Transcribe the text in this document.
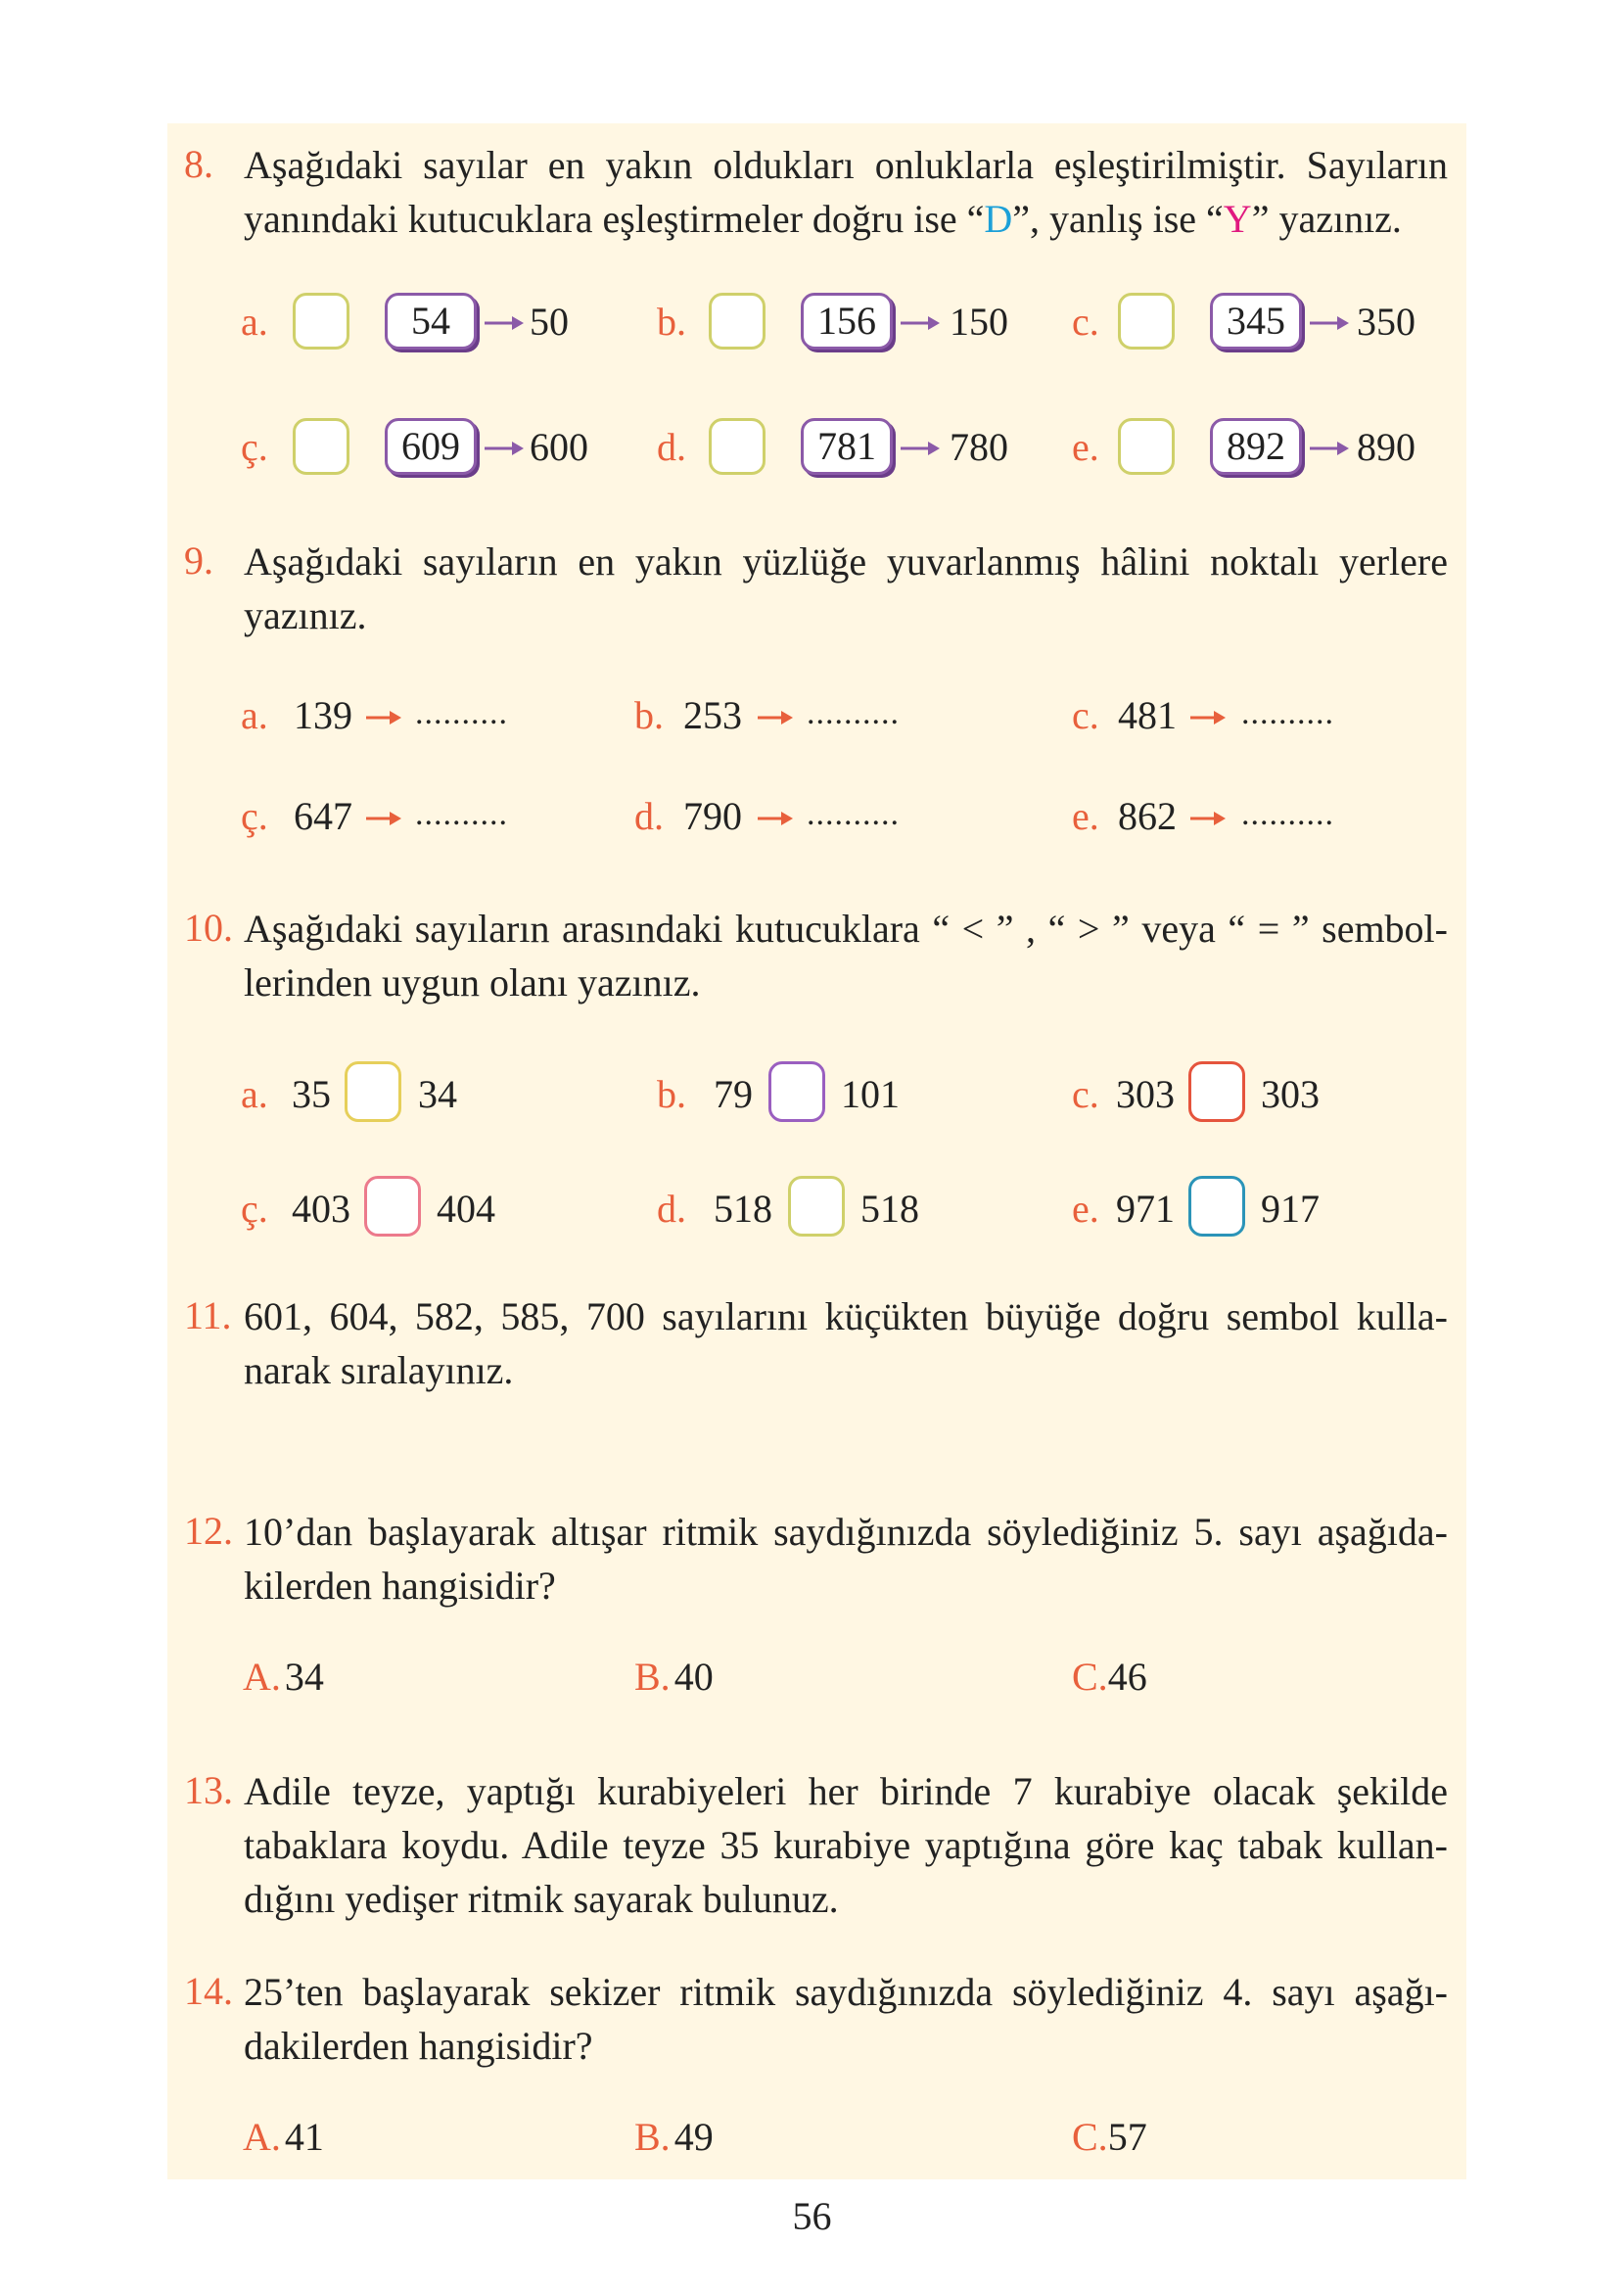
8. Aşağıdaki sayılar en yakın oldukları onluklarla eşleştirilmiştir. Sayıların
yanındaki kutucuklara eşleştirmeler doğru ise “D”, yanlış ise “Y” yazınız.
a.	54	50 b.	156	150 c.	345	350
ç.	609	600 d.	781	780 e.	892	890
9. Aşağıdaki sayıların en yakın yüzlüğe yuvarlanmış hâlini noktalı yerlere
yazınız.
a. 139 ..........	b. 253 ..........	c. 481 ..........
ç. 647 ..........	d. 790 ..........	e. 862 ..........
10. Aşağıdaki sayıların arasındaki kutucuklara “ < ” , “ > ” veya “ = ” sembol-
lerinden uygun olanı yazınız.
a. 35 34	b. 79 101	c. 303 303
ç. 403 404	d. 518 518	e. 971 917
11. 601, 604, 582, 585, 700 sayılarını küçükten büyüğe doğru sembol kulla-
narak sıralayınız.
12. 10’dan başlayarak altışar ritmik saydığınızda söylediğiniz 5. sayı aşağıda-
kilerden hangisidir?
A. 34	B. 40	C.46
13. Adile teyze, yaptığı kurabiyeleri her birinde 7 kurabiye olacak şekilde
tabaklara koydu. Adile teyze 35 kurabiye yaptığına göre kaç tabak kullan-
dığını yedişer ritmik sayarak bulunuz.
14. 25’ten başlayarak sekizer ritmik saydığınızda söylediğiniz 4. sayı aşağı-
dakilerden hangisidir?
A. 41	B. 49	C.57
56
